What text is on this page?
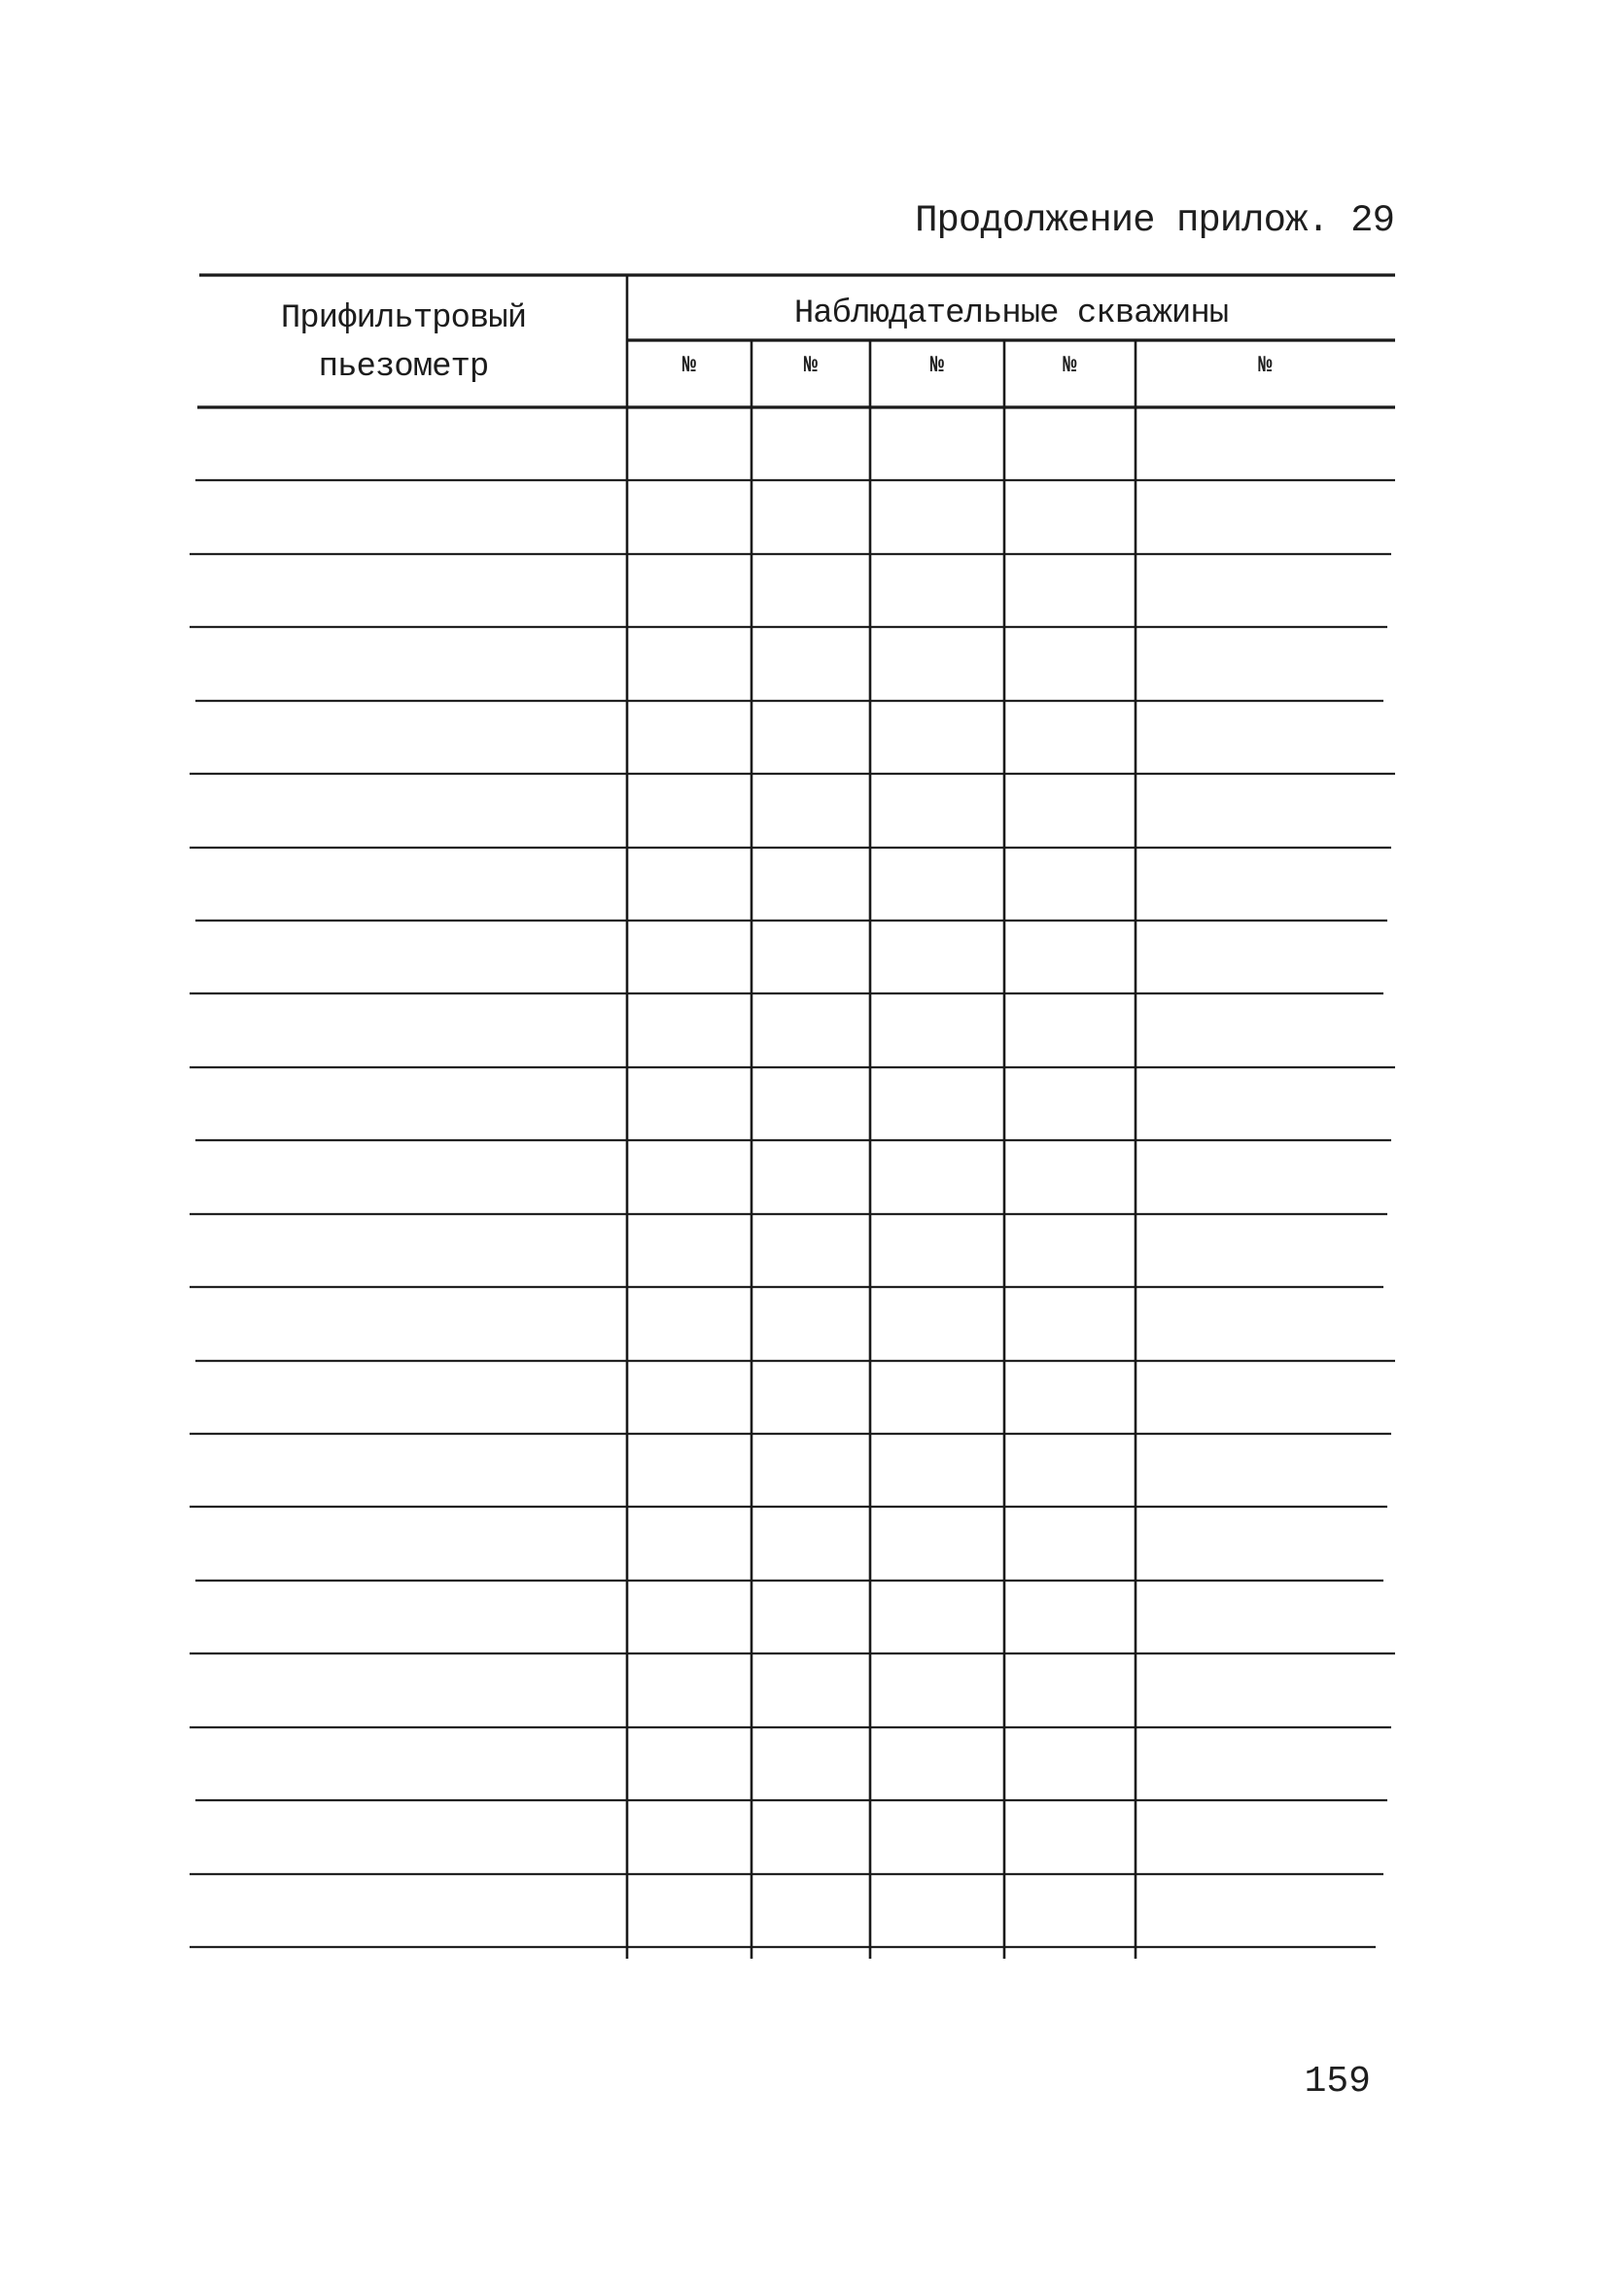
Продолжение прилож. 29
Прифильтровый
пьезометр
Наблюдательные скважины
№	№	№	№	№
159
